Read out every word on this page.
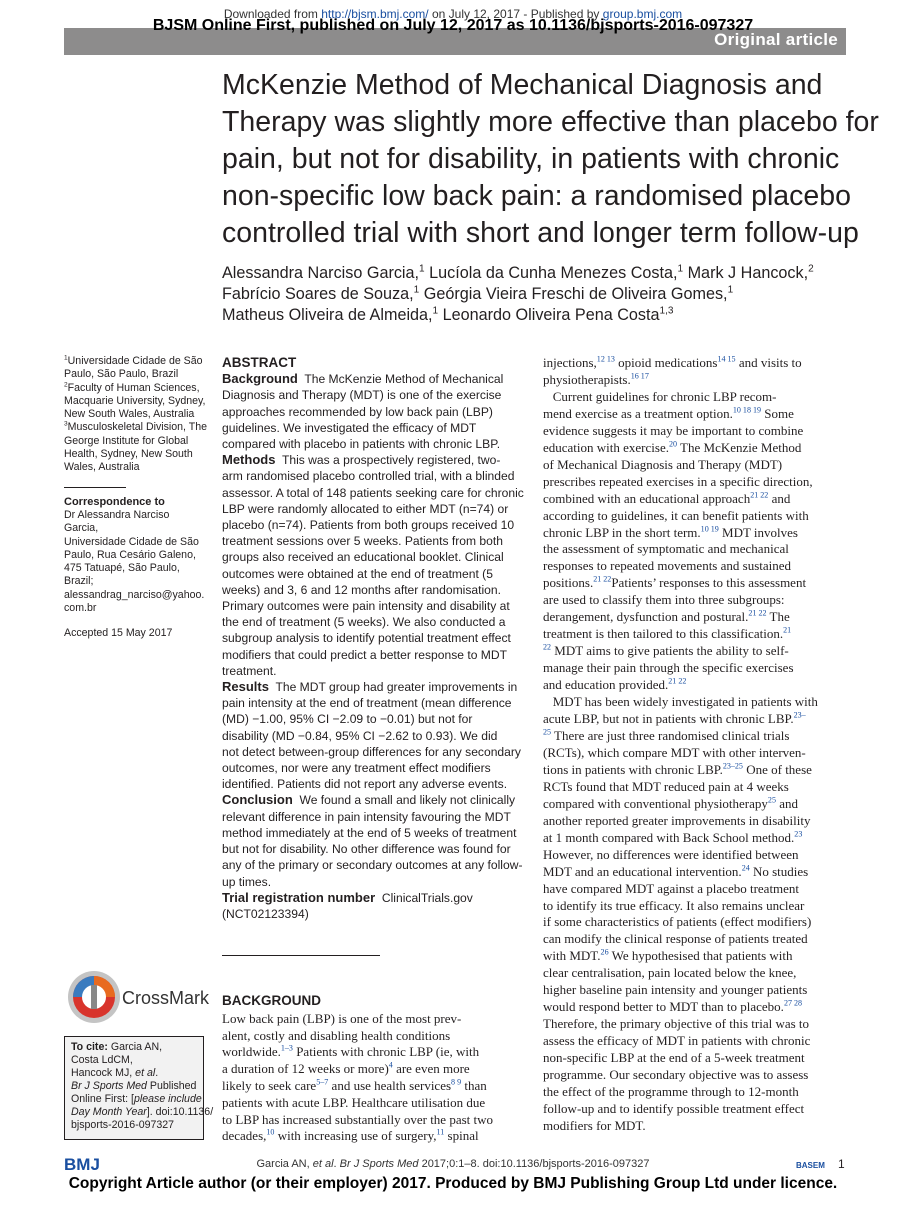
Downloaded from http://bjsm.bmj.com/ on July 12, 2017 - Published by group.bmj.com
Original article
BJSM Online First, published on July 12, 2017 as 10.1136/bjsports-2016-097327
McKenzie Method of Mechanical Diagnosis and
Therapy was slightly more effective than placebo for
pain, but not for disability, in patients with chronic
non-specific low back pain: a randomised placebo
controlled trial with short and longer term follow-up
Alessandra Narciso Garcia,$^1$ Lucíola da Cunha Menezes Costa,$^1$ Mark J Hancock,$^2$
Fabrício Soares de Souza,$^1$ Geórgia Vieira Freschi de Oliveira Gomes,$^1$
Matheus Oliveira de Almeida,$^1$ Leonardo Oliveira Pena Costa$^{1,3}$
$^1$Universidade Cidade de São
Paulo, São Paulo, Brazil
$^2$Faculty of Human Sciences,
Macquarie University, Sydney,
New South Wales, Australia
$^3$Musculoskeletal Division, The
George Institute for Global
Health, Sydney, New South
Wales, Australia
Correspondence to
Dr Alessandra Narciso Garcia,
Universidade Cidade de São
Paulo, Rua Cesário Galeno,
475 Tatuapé, São Paulo, Brazil;
alessandrag_narciso@yahoo.
com.br
Accepted 15 May 2017
ABSTRACT
Background  The McKenzie Method of Mechanical
Diagnosis and Therapy (MDT) is one of the exercise
approaches recommended by low back pain (LBP)
guidelines. We investigated the efficacy of MDT
compared with placebo in patients with chronic LBP.
Methods  This was a prospectively registered, two-
arm randomised placebo controlled trial, with a blinded
assessor. A total of 148 patients seeking care for chronic
LBP were randomly allocated to either MDT (n=74) or
placebo (n=74). Patients from both groups received 10
treatment sessions over 5 weeks. Patients from both
groups also received an educational booklet. Clinical
outcomes were obtained at the end of treatment (5
weeks) and 3, 6 and 12 months after randomisation.
Primary outcomes were pain intensity and disability at
the end of treatment (5 weeks). We also conducted a
subgroup analysis to identify potential treatment effect
modifiers that could predict a better response to MDT
treatment.
Results  The MDT group had greater improvements in
pain intensity at the end of treatment (mean difference
(MD) −1.00, 95% CI −2.09 to −0.01) but not for
disability (MD −0.84, 95% CI −2.62 to 0.93). We did
not detect between-group differences for any secondary
outcomes, nor were any treatment effect modifiers
identified. Patients did not report any adverse events.
Conclusion  We found a small and likely not clinically
relevant difference in pain intensity favouring the MDT
method immediately at the end of 5 weeks of treatment
but not for disability. No other difference was found for
any of the primary or secondary outcomes at any follow-
up times.
Trial registration number  ClinicalTrials.gov
(NCT02123394)
CrossMark
To cite: Garcia AN,
Costa LdCM,
Hancock MJ, et al.
Br J Sports Med Published
Online First: [please include
Day Month Year]. doi:10.1136/
bjsports-2016-097327
BACKGROUND
Low back pain (LBP) is one of the most prev-
alent, costly and disabling health conditions
worldwide.$^{1-3}$ Patients with chronic LBP (ie, with
a duration of 12 weeks or more)$^4$ are even more
likely to seek care$^{5-7}$ and use health services$^{8 9}$ than
patients with acute LBP. Healthcare utilisation due
to LBP has increased substantially over the past two
decades,$^{10}$ with increasing use of surgery,$^{11}$ spinal
injections,$^{12 13}$ opioid medications$^{14 15}$ and visits to
physiotherapists.$^{16 17}$
Current guidelines for chronic LBP recom-
mend exercise as a treatment option.$^{10 18 19}$ Some
evidence suggests it may be important to combine
education with exercise.$^{20}$ The McKenzie Method
of Mechanical Diagnosis and Therapy (MDT)
prescribes repeated exercises in a specific direction,
combined with an educational approach$^{21 22}$ and
according to guidelines, it can benefit patients with
chronic LBP in the short term.$^{10 19}$ MDT involves
the assessment of symptomatic and mechanical
responses to repeated movements and sustained
positions.$^{21 22}$Patients’ responses to this assessment
are used to classify them into three subgroups:
derangement, dysfunction and postural.$^{21 22}$ The
treatment is then tailored to this classification.$^{21}$
$^{22}$ MDT aims to give patients the ability to self-
manage their pain through the specific exercises
and education provided.$^{21 22}$
MDT has been widely investigated in patients with
acute LBP, but not in patients with chronic LBP.$^{23-}$
$^{25}$ There are just three randomised clinical trials
(RCTs), which compare MDT with other interven-
tions in patients with chronic LBP.$^{23-25}$ One of these
RCTs found that MDT reduced pain at 4 weeks
compared with conventional physiotherapy$^{25}$ and
another reported greater improvements in disability
at 1 month compared with Back School method.$^{23}$
However, no differences were identified between
MDT and an educational intervention.$^{24}$ No studies
have compared MDT against a placebo treatment
to identify its true efficacy. It also remains unclear
if some characteristics of patients (effect modifiers)
can modify the clinical response of patients treated
with MDT.$^{26}$ We hypothesised that patients with
clear centralisation, pain located below the knee,
higher baseline pain intensity and younger patients
would respond better to MDT than to placebo.$^{27 28}$
Therefore, the primary objective of this trial was to
assess the efficacy of MDT in patients with chronic
non-specific LBP at the end of a 5-week treatment
programme. Our secondary objective was to assess
the effect of the programme through to 12-month
follow-up and to identify possible treatment effect
modifiers for MDT.
BMJ	Garcia AN, et al. Br J Sports Med 2017;0:1–8. doi:10.1136/bjsports-2016-097327	BASEM 1
Copyright Article author (or their employer) 2017. Produced by BMJ Publishing Group Ltd under licence.
